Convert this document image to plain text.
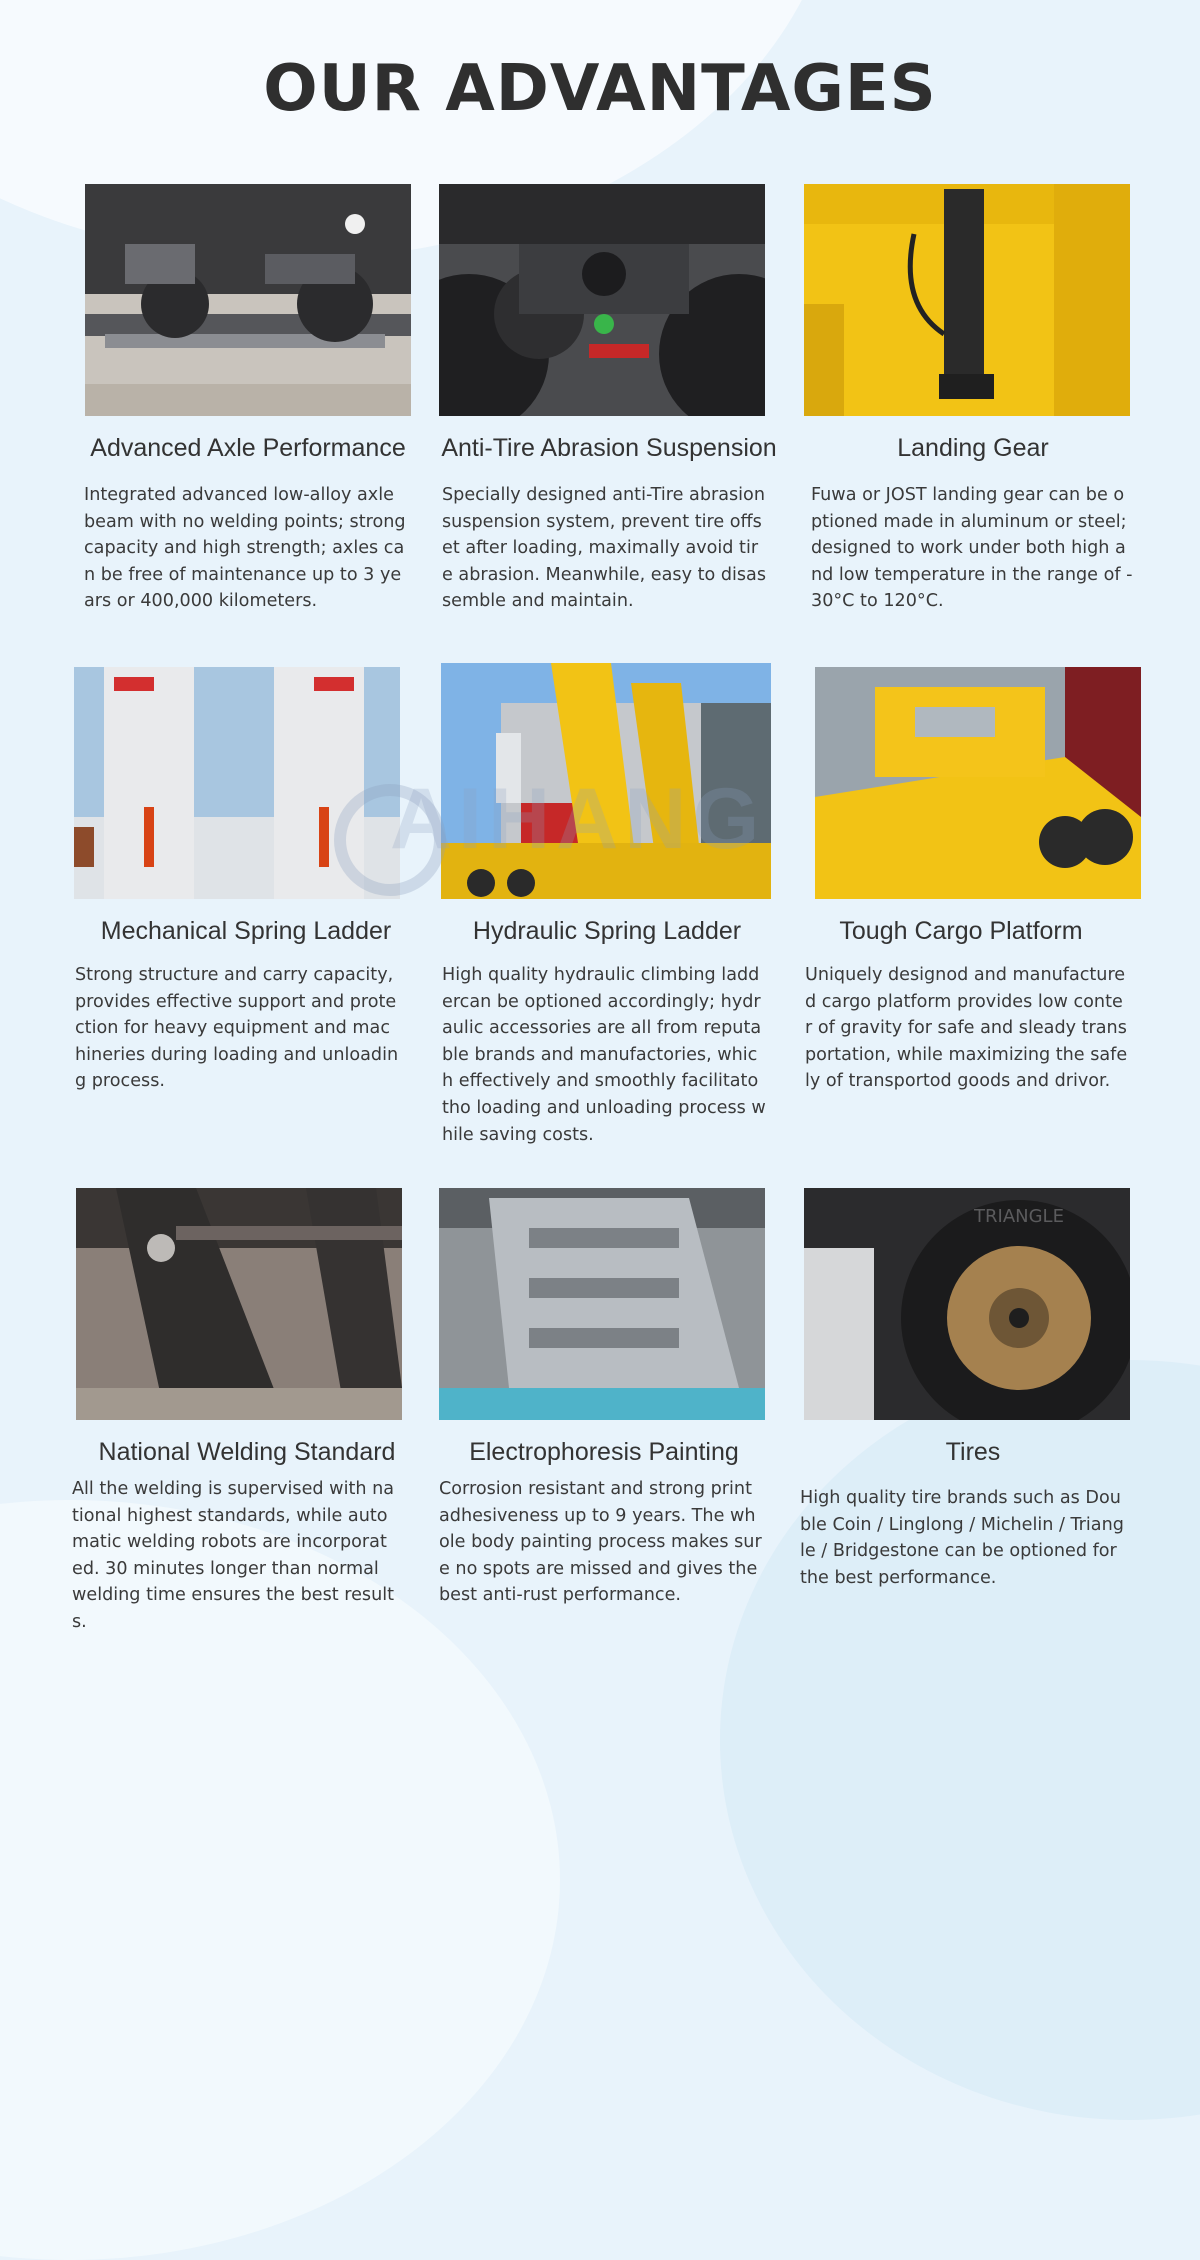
OUR ADVANTAGES
Advanced Axle Performance

Integrated advanced low-alloy axle beam with no welding points; strong capacity and high strength; axles can be free of maintenance up to 3 years or 400,000 kilometers.

Anti-Tire Abrasion Suspension

Specially designed anti-Tire abrasion suspension system, prevent tire offset after loading, maximally avoid tire abrasion. Meanwhile, easy to disassemble and maintain.

Landing Gear

Fuwa or JOST landing gear can be optioned made in aluminum or steel; designed to work under both high and low temperature in the range of -30°C to 120°C.

Mechanical Spring Ladder

Strong structure and carry capacity, provides effective support and protection for heavy equipment and machineries during loading and unloading process.

Hydraulic Spring Ladder

High quality hydraulic climbing laddercan be optioned accordingly; hydraulic accessories are all from reputable brands and manufactories, which effectively and smoothly facilitato tho loading and unloading process while saving costs.

Tough Cargo Platform

Uniquely designod and manufactured cargo platform provides low conter of gravity for safe and sleady transportation, while maximizing the safely of transportod goods and drivor.

AIHANG
National Welding Standard

All the welding is supervised with national highest standards, while automatic welding robots are incorporated. 30 minutes longer than normal welding time ensures the best results.

Electrophoresis Painting

Corrosion resistant and strong print adhesiveness up to 9 years. The whole body painting process makes sure no spots are missed and gives the best anti-rust performance.

TRIANGLE
Tires

High quality tire brands such as Double Coin / Linglong / Michelin / Triangle / Bridgestone can be optioned for the best performance.
